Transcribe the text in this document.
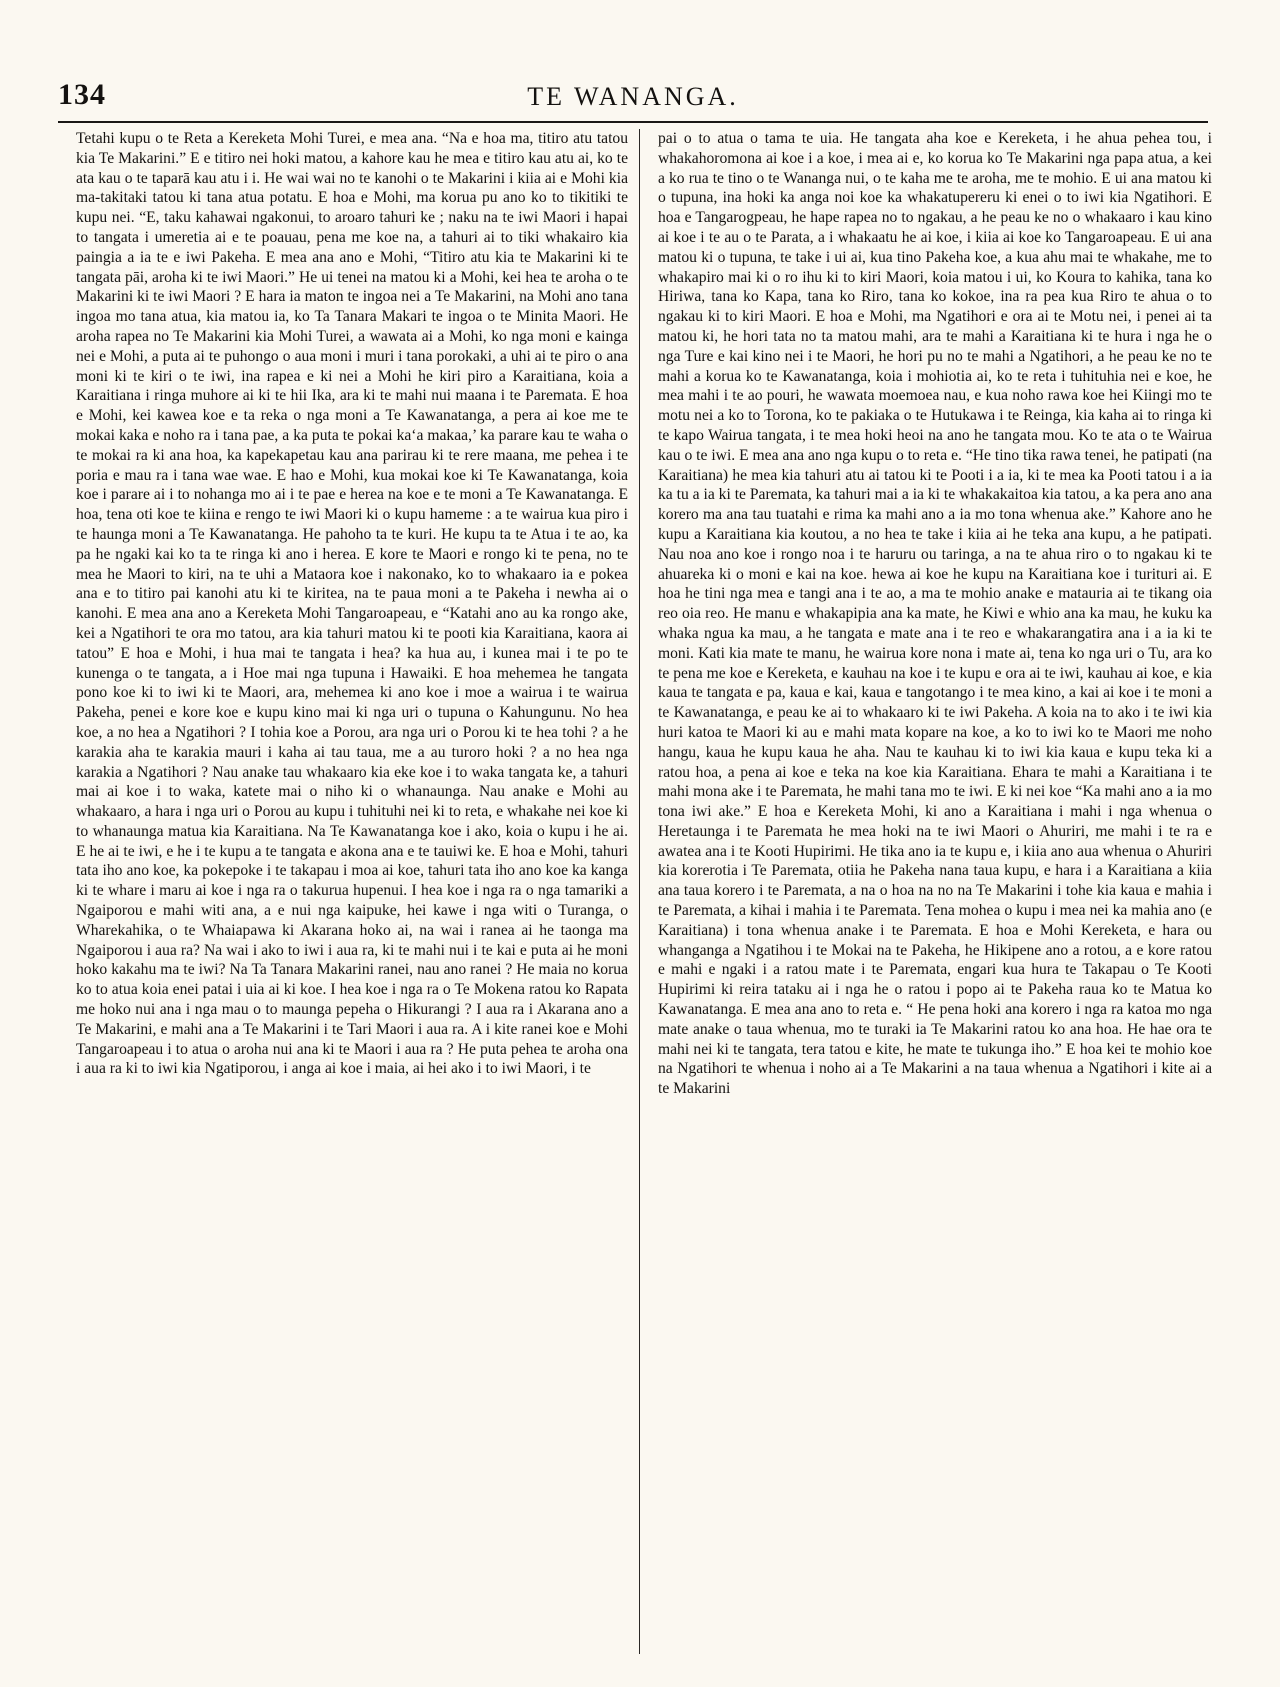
134	TE WANANGA.

Tetahi kupu o te Reta a Kereketa Mohi Turei, e mea ana. “Na e hoa ma, titiro atu tatou kia Te Makarini.” E e titiro nei hoki matou, a kahore kau he mea e titiro kau atu ai, ko te ata kau o te taparā kau atu i i. He wai wai no te kanohi o te Makarini i kiia ai e Mohi kia ma-takitaki tatou ki tana atua potatu. E hoa e Mohi, ma korua pu ano ko to tikitiki te kupu nei. “E, taku kahawai ngakonui, to aroaro tahuri ke ; naku na te iwi Maori i hapai to tangata i umeretia ai e te poauau, pena me koe na, a tahuri ai to tiki whakairo kia paingia a ia te e iwi Pakeha. E mea ana ano e Mohi, “Titiro atu kia te Makarini ki te tangata pāi, aroha ki te iwi Maori.” He ui tenei na matou ki a Mohi, kei hea te aroha o te Makarini ki te iwi Maori ? E hara ia maton te ingoa nei a Te Makarini, na Mohi ano tana ingoa mo tana atua, kia matou ia, ko Ta Tanara Makari te ingoa o te Minita Maori. He aroha rapea no Te Makarini kia Mohi Turei, a wawata ai a Mohi, ko nga moni e kainga nei e Mohi, a puta ai te puhongo o aua moni i muri i tana porokaki, a uhi ai te piro o ana moni ki te kiri o te iwi, ina rapea e ki nei a Mohi he kiri piro a Karaitiana, koia a Karaitiana i ringa muhore ai ki te hii Ika, ara ki te mahi nui maana i te Paremata. E hoa e Mohi, kei kawea koe e ta reka o nga moni a Te Kawanatanga, a pera ai koe me te mokai kaka e noho ra i tana pae, a ka puta te pokai ka‘a makaa,’ ka parare kau te waha o te mokai ra ki ana hoa, ka kapekapetau kau ana parirau ki te rere maana, me pehea i te poria e mau ra i tana wae wae. E hao e Mohi, kua mokai koe ki Te Kawanatanga, koia koe i parare ai i to nohanga mo ai i te pae e herea na koe e te moni a Te Kawanatanga. E hoa, tena oti koe te kiina e rengo te iwi Maori ki o kupu hameme : a te wairua kua piro i te haunga moni a Te Kawanatanga. He pahoho ta te kuri. He kupu ta te Atua i te ao, ka pa he ngaki kai ko ta te ringa ki ano i herea. E kore te Maori e rongo ki te pena, no te mea he Maori to kiri, na te uhi a Mataora koe i nakonako, ko to whakaaro ia e pokea ana e to titiro pai kanohi atu ki te kiritea, na te paua moni a te Pakeha i newha ai o kanohi. E mea ana ano a Kereketa Mohi Tangaroapeau, e “Katahi ano au ka rongo ake, kei a Ngatihori te ora mo tatou, ara kia tahuri matou ki te pooti kia Karaitiana, kaora ai tatou” E hoa e Mohi, i hua mai te tangata i hea? ka hua au, i kunea mai i te po te kunenga o te tangata, a i Hoe mai nga tupuna i Hawaiki. E hoa mehemea he tangata pono koe ki to iwi ki te Maori, ara, mehemea ki ano koe i moe a wairua i te wairua Pakeha, penei e kore koe e kupu kino mai ki nga uri o tupuna o Kahungunu. No hea koe, a no hea a Ngatihori ? I tohia koe a Porou, ara nga uri o Porou ki te hea tohi ? a he karakia aha te karakia mauri i kaha ai tau taua, me a au turoro hoki ? a no hea nga karakia a Ngatihori ? Nau anake tau whakaaro kia eke koe i to waka tangata ke, a tahuri mai ai koe i to waka, katete mai o niho ki o whanaunga. Nau anake e Mohi au whakaaro, a hara i nga uri o Porou au kupu i tuhituhi nei ki to reta, e whakahe nei koe ki to whanaunga matua kia Karaitiana. Na Te Kawanatanga koe i ako, koia o kupu i he ai. E he ai te iwi, e he i te kupu a te tangata e akona ana e te tauiwi ke. E hoa e Mohi, tahuri tata iho ano koe, ka pokepoke i te takapau i moa ai koe, tahuri tata iho ano koe ka kanga ki te whare i maru ai koe i nga ra o takurua hupenui. I hea koe i nga ra o nga tamariki a Ngaiporou e mahi witi ana, a e nui nga kaipuke, hei kawe i nga witi o Turanga, o Wharekahika, o te Whaiapawa ki Akarana hoko ai, na wai i ranea ai he taonga ma Ngaiporou i aua ra? Na wai i ako to iwi i aua ra, ki te mahi nui i te kai e puta ai he moni hoko kakahu ma te iwi? Na Ta Tanara Makarini ranei, nau ano ranei ? He maia no korua ko to atua koia enei patai i uia ai ki koe. I hea koe i nga ra o Te Mokena ratou ko Rapata me hoko nui ana i nga mau o to maunga pepeha o Hikurangi ? I aua ra i Akarana ano a Te Makarini, e mahi ana a Te Makarini i te Tari Maori i aua ra. A i kite ranei koe e Mohi Tangaroapeau i to atua o aroha nui ana ki te Maori i aua ra ? He puta pehea te aroha ona i aua ra ki to iwi kia Ngatiporou, i anga ai koe i maia, ai hei ako i to iwi Maori, i te

pai o to atua o tama te uia. He tangata aha koe e Kereketa, i he ahua pehea tou, i whakahoromona ai koe i a koe, i mea ai e, ko korua ko Te Makarini nga papa atua, a kei a ko rua te tino o te Wananga nui, o te kaha me te aroha, me te mohio. E ui ana matou ki o tupuna, ina hoki ka anga noi koe ka whakatupereru ki enei o to iwi kia Ngatihori. E hoa e Tangarogpeau, he hape rapea no to ngakau, a he peau ke no o whakaaro i kau kino ai koe i te au o te Parata, a i whakaatu he ai koe, i kiia ai koe ko Tangaroapeau. E ui ana matou ki o tupuna, te take i ui ai, kua tino Pakeha koe, a kua ahu mai te whakahe, me to whakapiro mai ki o ro ihu ki to kiri Maori, koia matou i ui, ko Koura to kahika, tana ko Hiriwa, tana ko Kapa, tana ko Riro, tana ko kokoe, ina ra pea kua Riro te ahua o to ngakau ki to kiri Maori. E hoa e Mohi, ma Ngatihori e ora ai te Motu nei, i penei ai ta matou ki, he hori tata no ta matou mahi, ara te mahi a Karaitiana ki te hura i nga he o nga Ture e kai kino nei i te Maori, he hori pu no te mahi a Ngatihori, a he peau ke no te mahi a korua ko te Kawanatanga, koia i mohiotia ai, ko te reta i tuhituhia nei e koe, he mea mahi i te ao pouri, he wawata moemoea nau, e kua noho rawa koe hei Kiingi mo te motu nei a ko to Torona, ko te pakiaka o te Hutukawa i te Reinga, kia kaha ai to ringa ki te kapo Wairua tangata, i te mea hoki heoi na ano he tangata mou. Ko te ata o te Wairua kau o te iwi. E mea ana ano nga kupu o to reta e. “He tino tika rawa tenei, he patipati (na Karaitiana) he mea kia tahuri atu ai tatou ki te Pooti i a ia, ki te mea ka Pooti tatou i a ia ka tu a ia ki te Paremata, ka tahuri mai a ia ki te whakakaitoa kia tatou, a ka pera ano ana korero ma ana tau tuatahi e rima ka mahi ano a ia mo tona whenua ake.” Kahore ano he kupu a Karaitiana kia koutou, a no hea te take i kiia ai he teka ana kupu, a he patipati. Nau noa ano koe i rongo noa i te haruru ou taringa, a na te ahua riro o to ngakau ki te ahuareka ki o moni e kai na koe. hewa ai koe he kupu na Karaitiana koe i turituri ai. E hoa he tini nga mea e tangi ana i te ao, a ma te mohio anake e matauria ai te tikang oia reo oia reo. He manu e whakapipia ana ka mate, he Kiwi e whio ana ka mau, he kuku ka whaka ngua ka mau, a he tangata e mate ana i te reo e whakarangatira ana i a ia ki te moni. Kati kia mate te manu, he wairua kore nona i mate ai, tena ko nga uri o Tu, ara ko te pena me koe e Kereketa, e kauhau na koe i te kupu e ora ai te iwi, kauhau ai koe, e kia kaua te tangata e pa, kaua e kai, kaua e tangotango i te mea kino, a kai ai koe i te moni a te Kawanatanga, e peau ke ai to whakaaro ki te iwi Pakeha. A koia na to ako i te iwi kia huri katoa te Maori ki au e mahi mata kopare na koe, a ko to iwi ko te Maori me noho hangu, kaua he kupu kaua he aha. Nau te kauhau ki to iwi kia kaua e kupu teka ki a ratou hoa, a pena ai koe e teka na koe kia Karaitiana. Ehara te mahi a Karaitiana i te mahi mona ake i te Paremata, he mahi tana mo te iwi. E ki nei koe “Ka mahi ano a ia mo tona iwi ake.” E hoa e Kereketa Mohi, ki ano a Karaitiana i mahi i nga whenua o Heretaunga i te Paremata he mea hoki na te iwi Maori o Ahuriri, me mahi i te ra e awatea ana i te Kooti Hupirimi. He tika ano ia te kupu e, i kiia ano aua whenua o Ahuriri kia korerotia i Te Paremata, otiia he Pakeha nana taua kupu, e hara i a Karaitiana a kiia ana taua korero i te Paremata, a na o hoa na no na Te Makarini i tohe kia kaua e mahia i te Paremata, a kihai i mahia i te Paremata. Tena mohea o kupu i mea nei ka mahia ano (e Karaitiana) i tona whenua anake i te Paremata. E hoa e Mohi Kereketa, e hara ou whanganga a Ngatihou i te Mokai na te Pakeha, he Hikipene ano a rotou, a e kore ratou e mahi e ngaki i a ratou mate i te Paremata, engari kua hura te Takapau o Te Kooti Hupirimi ki reira tataku ai i nga he o ratou i popo ai te Pakeha raua ko te Matua ko Kawanatanga. E mea ana ano to reta e. “ He pena hoki ana korero i nga ra katoa mo nga mate anake o taua whenua, mo te turaki ia Te Makarini ratou ko ana hoa. He hae ora te mahi nei ki te tangata, tera tatou e kite, he mate te tukunga iho.” E hoa kei te mohio koe na Ngatihori te whenua i noho ai a Te Makarini a na taua whenua a Ngatihori i kite ai a te Makarini
